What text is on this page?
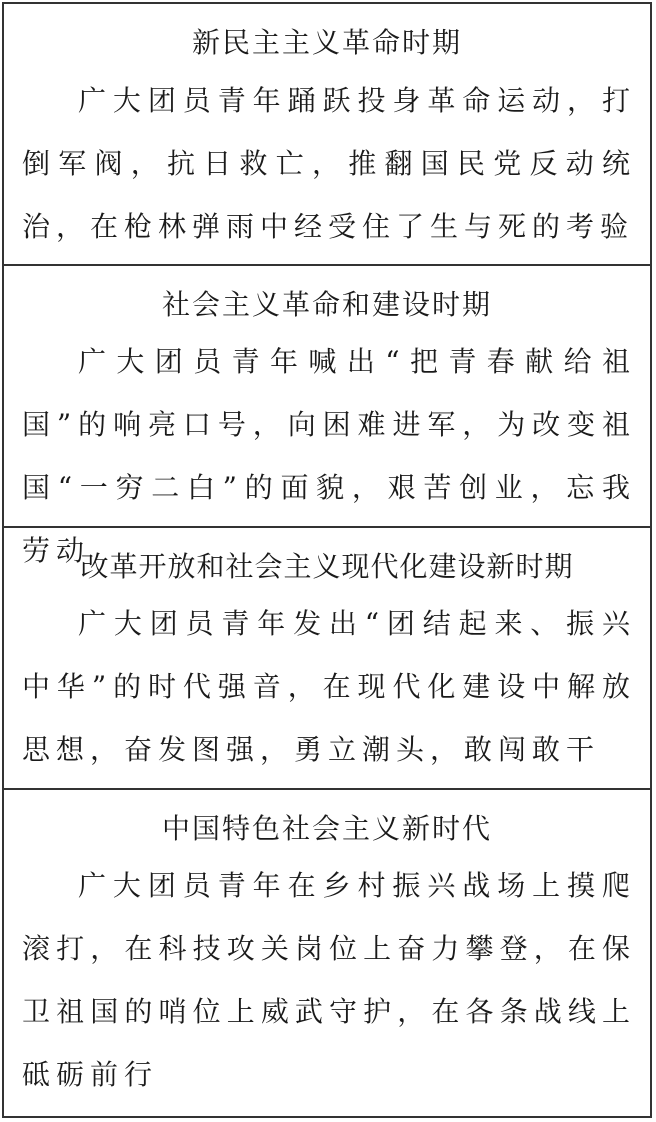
新民主主义革命时期
广大团员青年踊跃投身革命运动，打倒军阀，抗日救亡，推翻国民党反动统治，在枪林弹雨中经受住了生与死的考验
社会主义革命和建设时期
广大团员青年喊出“把青春献给祖国”的响亮口号，向困难进军，为改变祖国“一穷二白”的面貌，艰苦创业，忘我劳动
改革开放和社会主义现代化建设新时期
广大团员青年发出“团结起来、振兴中华”的时代强音，在现代化建设中解放思想，奋发图强，勇立潮头，敢闯敢干
中国特色社会主义新时代
广大团员青年在乡村振兴战场上摸爬滚打，在科技攻关岗位上奋力攀登，在保卫祖国的哨位上威武守护，在各条战线上砥砺前行
